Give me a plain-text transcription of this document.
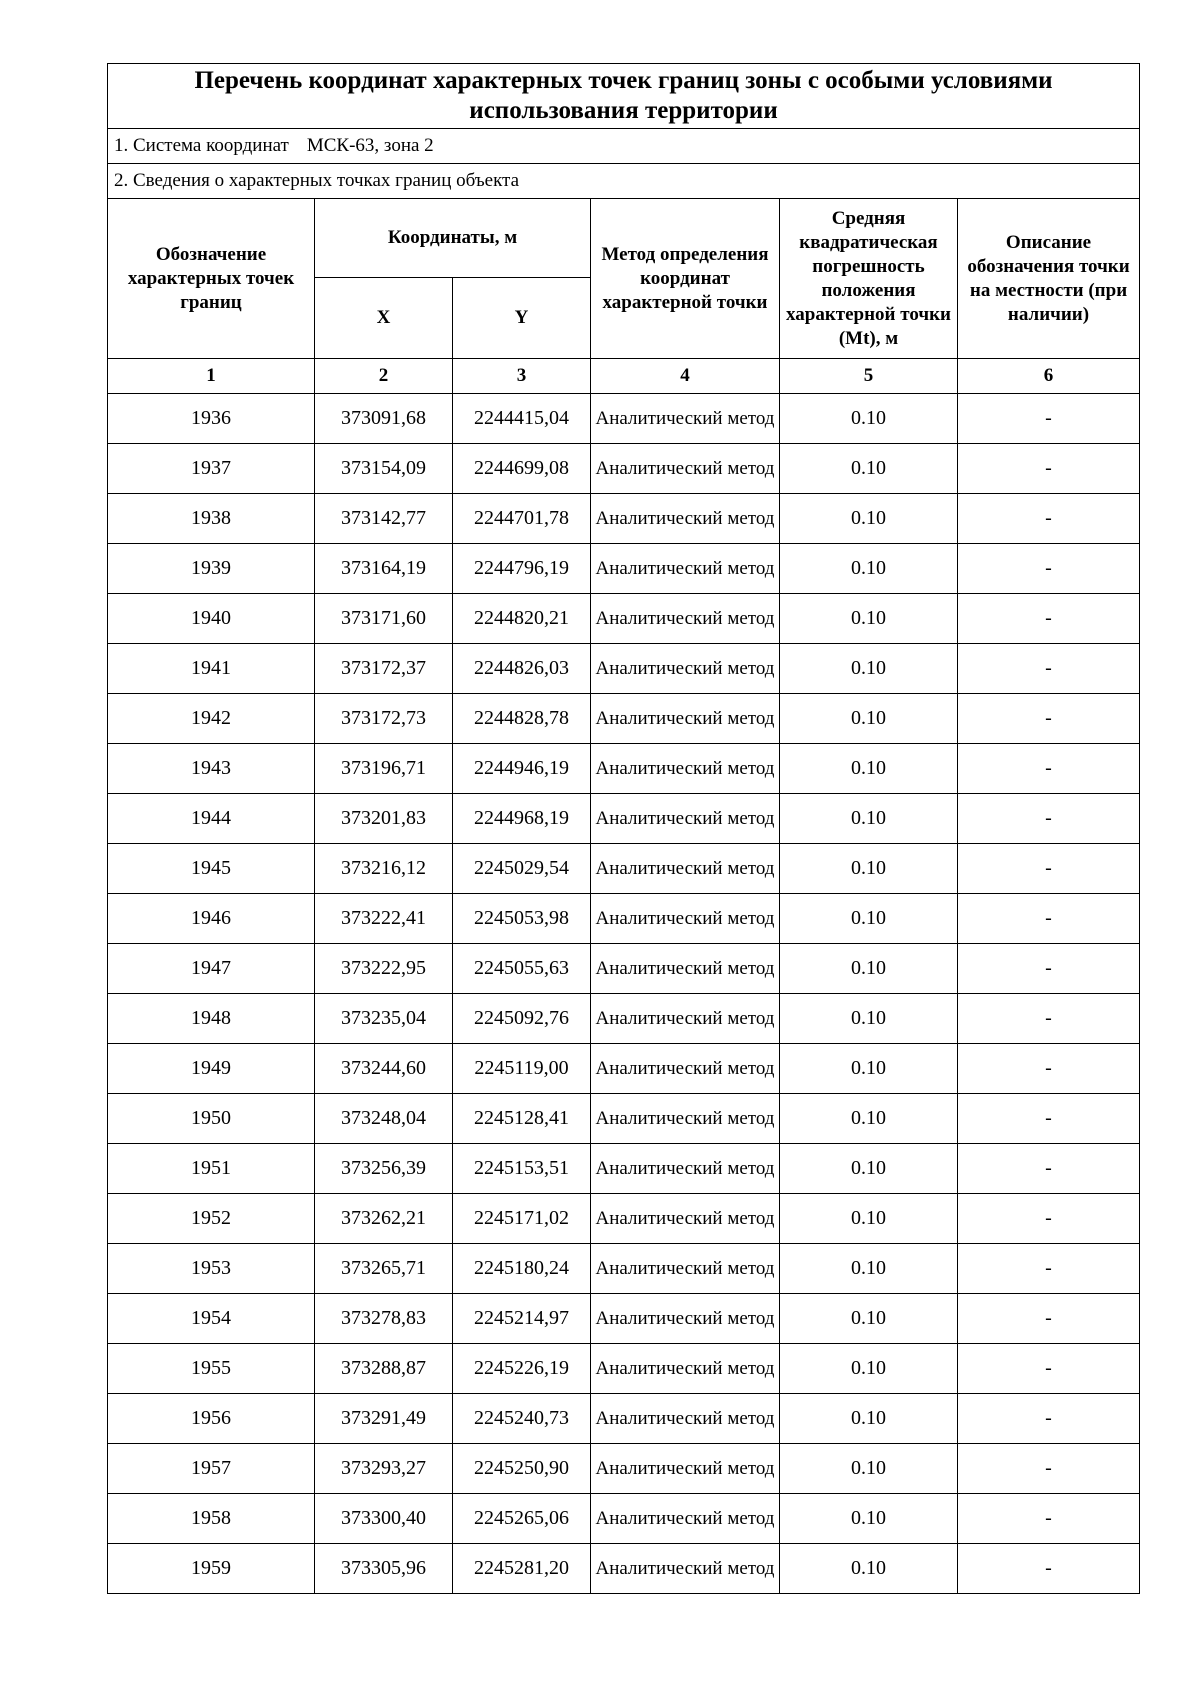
Перечень координат характерных точек границ зоны с особыми условиями использования территории					
1. Система координат МСК-63, зона 2					
2. Сведения о характерных точках границ объекта					
Обозначение характерных точек границ	Координаты, м		Метод определения координат характерной точки	Средняя квадратическая погрешность положения характерной точки (Mt), м	Описание обозначения точки на местности (при наличии)
	X	Y			
1	2	3	4	5	6
1936	373091,68	2244415,04	Аналитический метод	0.10	-
1937	373154,09	2244699,08	Аналитический метод	0.10	-
1938	373142,77	2244701,78	Аналитический метод	0.10	-
1939	373164,19	2244796,19	Аналитический метод	0.10	-
1940	373171,60	2244820,21	Аналитический метод	0.10	-
1941	373172,37	2244826,03	Аналитический метод	0.10	-
1942	373172,73	2244828,78	Аналитический метод	0.10	-
1943	373196,71	2244946,19	Аналитический метод	0.10	-
1944	373201,83	2244968,19	Аналитический метод	0.10	-
1945	373216,12	2245029,54	Аналитический метод	0.10	-
1946	373222,41	2245053,98	Аналитический метод	0.10	-
1947	373222,95	2245055,63	Аналитический метод	0.10	-
1948	373235,04	2245092,76	Аналитический метод	0.10	-
1949	373244,60	2245119,00	Аналитический метод	0.10	-
1950	373248,04	2245128,41	Аналитический метод	0.10	-
1951	373256,39	2245153,51	Аналитический метод	0.10	-
1952	373262,21	2245171,02	Аналитический метод	0.10	-
1953	373265,71	2245180,24	Аналитический метод	0.10	-
1954	373278,83	2245214,97	Аналитический метод	0.10	-
1955	373288,87	2245226,19	Аналитический метод	0.10	-
1956	373291,49	2245240,73	Аналитический метод	0.10	-
1957	373293,27	2245250,90	Аналитический метод	0.10	-
1958	373300,40	2245265,06	Аналитический метод	0.10	-
1959	373305,96	2245281,20	Аналитический метод	0.10	-
